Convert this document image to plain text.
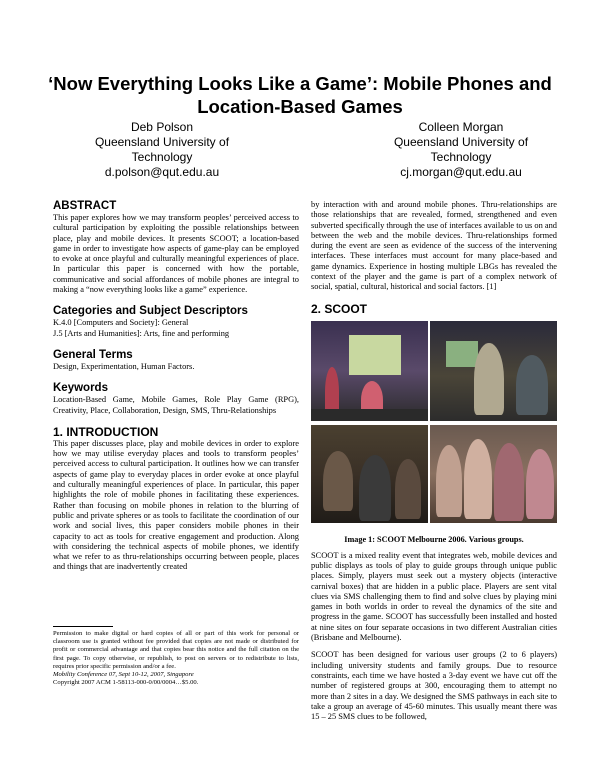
‘Now Everything Looks Like a Game’: Mobile Phones and Location-Based Games
Deb Polson
Queensland University of
Technology
d.polson@qut.edu.au
Colleen Morgan
Queensland University of
Technology
cj.morgan@qut.edu.au
ABSTRACT

This paper explores how we may transform peoples’ perceived access to cultural participation by exploiting the possible relationships between place, play and mobile devices. It presents SCOOT; a location-based game in order to investigate how aspects of game-play can be employed to evoke at once playful and culturally meaningful experiences of place. In particular this paper is concerned with how the portable, communicative and social affordances of mobile phones are integral to making a “now everything looks like a game” experience.

Categories and Subject Descriptors

K.4.0 [Computers and Society]: General

J.5 [Arts and Humanities]: Arts, fine and performing

General Terms

Design, Experimentation, Human Factors.

Keywords

Location-Based Game, Mobile Games, Role Play Game (RPG), Creativity, Place, Collaboration, Design, SMS, Thru-Relationships

1. INTRODUCTION

This paper discusses place, play and mobile devices in order to explore how we may utilise everyday places and tools to transform peoples’ perceived access to cultural participation. It outlines how we can transfer aspects of game play to everyday places in order evoke at once playful and culturally meaningful experiences of place. In particular, this paper highlights the role of mobile phones in facilitating these experiences. Rather than focusing on mobile phones in relation to the blurring of public and private spheres or as tools to facilitate the coordination of our work and social lives, this paper considers mobile phones in their capacity to act as tools for creative engagement and production. Along with considering the technical aspects of mobile phones, we identify what we refer to as thru-relationships occurring between people, places and things that are inadvertently created

Permission to make digital or hard copies of all or part of this work for personal or classroom use is granted without fee provided that copies are not made or distributed for profit or commercial advantage and that copies bear this notice and the full citation on the first page. To copy otherwise, or republish, to post on servers or to redistribute to lists, requires prior specific permission and/or a fee.
Mobility Conference 07, Sept 10-12, 2007, Singapore
Copyright 2007 ACM 1-58113-000-0/00/0004…$5.00.

by interaction with and around mobile phones. Thru-relationships are those relationships that are revealed, formed, strengthened and even subverted specifically through the use of interfaces available to us on and between the web and the mobile devices. Thru-relationships formed during the event are seen as evidence of the success of the intervening interfaces. These interfaces must account for many place-based and game dynamics. Experience in hosting multiple LBGs has revealed the context of the player and the game is part of a complex network of social, spatial, cultural, historical and social factors. [1]

2. SCOOT
Image 1: SCOOT Melbourne 2006. Various groups.

SCOOT is a mixed reality event that integrates web, mobile devices and public displays as tools of play to guide groups through unique public places. Simply, players must seek out a mystery objects (interactive carnival boxes) that are hidden in a public place. Players are sent vital clues via SMS challenging them to find and solve clues by playing mini games in both worlds in order to reveal the dynamics of the site and progress in the game. SCOOT has successfully been installed and hosted at nine sites on four separate occasions in two different Australian cities (Brisbane and Melbourne).

SCOOT has been designed for various user groups (2 to 6 players) including university students and family groups. Due to resource constraints, each time we have hosted a 3-day event we have cut off the number of registered groups at 300, encouraging them to attempt no more than 2 sites in a day. We designed the SMS pathways in each site to take a group an average of 45-60 minutes. This usually meant there was 15 – 25 SMS clues to be followed,
